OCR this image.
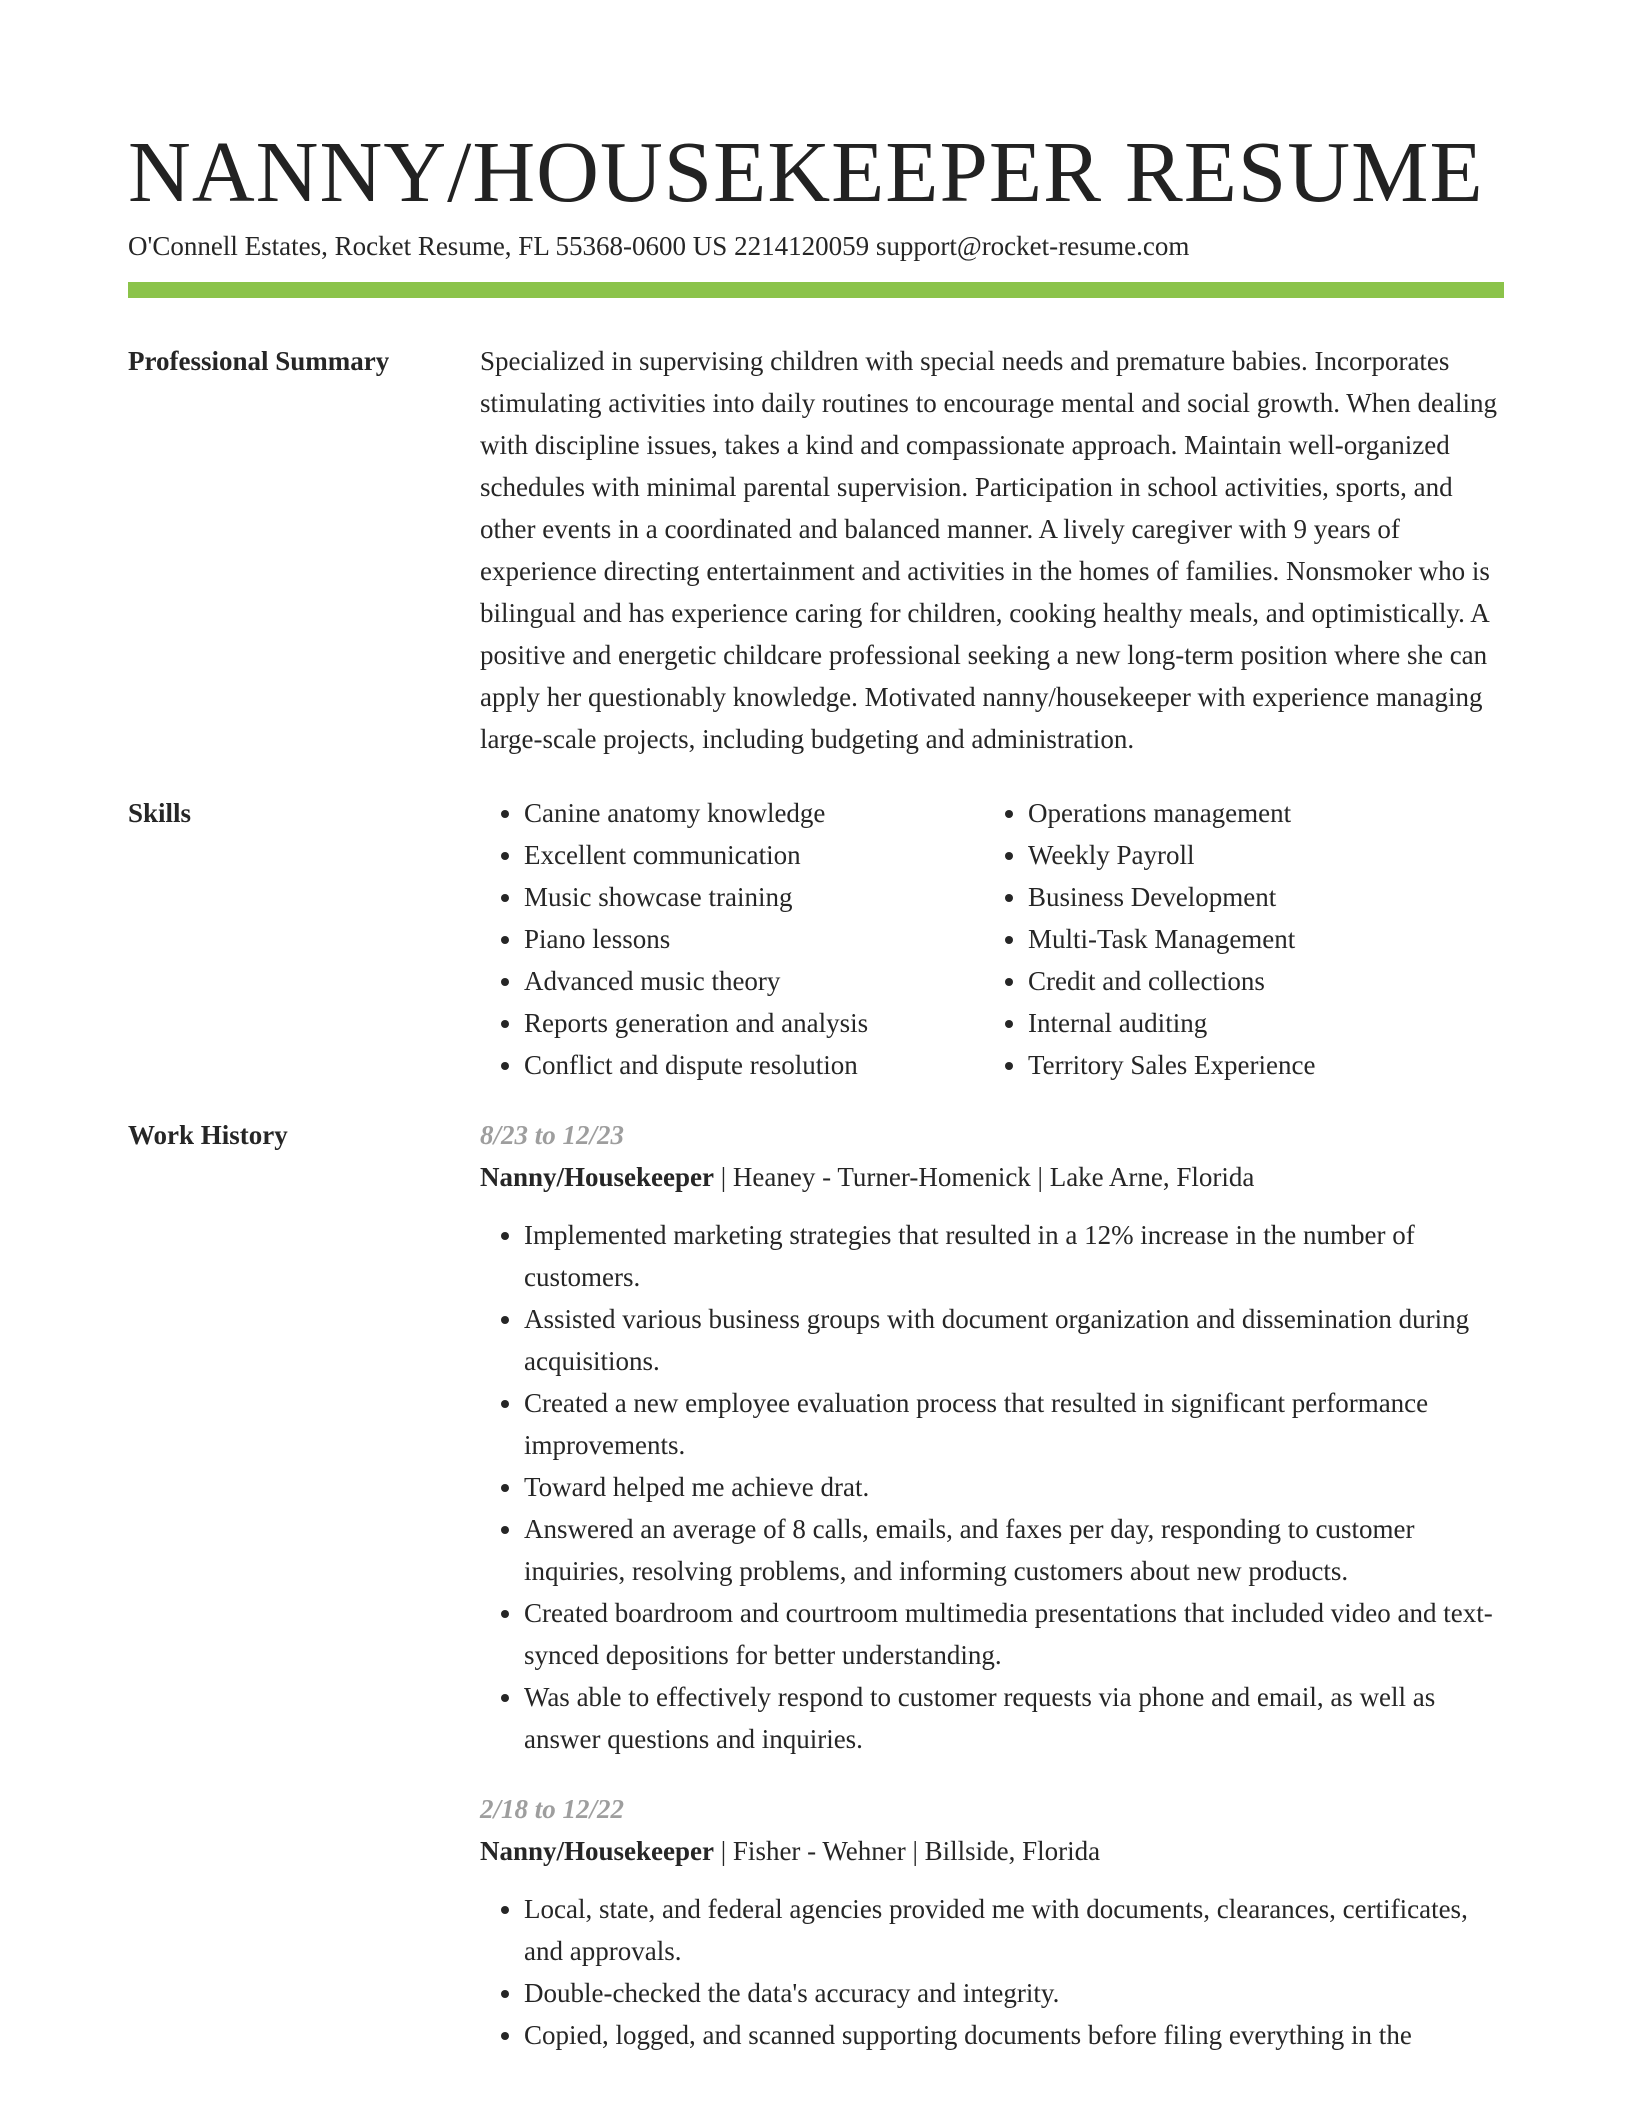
NANNY/HOUSEKEEPER RESUME
O'Connell Estates, Rocket Resume, FL 55368-0600 US 2214120059 support@rocket-resume.com
Professional Summary	Specialized in supervising children with special needs and premature babies. Incorporates stimulating activities into daily routines to encourage mental and social growth. When dealing with discipline issues, takes a kind and compassionate approach. Maintain well-organized schedules with minimal parental supervision. Participation in school activities, sports, and other events in a coordinated and balanced manner. A lively caregiver with 9 years of experience directing entertainment and activities in the homes of families. Nonsmoker who is bilingual and has experience caring for children, cooking healthy meals, and optimistically. A positive and energetic childcare professional seeking a new long-term position where she can apply her questionably knowledge. Motivated nanny/housekeeper with experience managing large-scale projects, including budgeting and administration.

Skills
•	Canine anatomy knowledge
• Excellent communication
• Music showcase training
• Piano lessons
• Advanced music theory
• Reports generation and analysis
• Conflict and dispute resolution
• Operations management
• Weekly Payroll
• Business Development
• Multi-Task Management
• Credit and collections
• Internal auditing
• Territory Sales Experience
Work History	8/23 to 12/23
Nanny/Housekeeper | Heaney - Turner-Homenick | Lake Arne, Florida
• Implemented marketing strategies that resulted in a 12% increase in the number of customers.
• Assisted various business groups with document organization and dissemination during acquisitions.
• Created a new employee evaluation process that resulted in significant performance improvements.
• Toward helped me achieve drat.
• Answered an average of 8 calls, emails, and faxes per day, responding to customer inquiries, resolving problems, and informing customers about new products.
• Created boardroom and courtroom multimedia presentations that included video and text-synced depositions for better understanding.
• Was able to effectively respond to customer requests via phone and email, as well as answer questions and inquiries.
2/18 to 12/22
Nanny/Housekeeper | Fisher - Wehner | Billside, Florida
• Local, state, and federal agencies provided me with documents, clearances, certificates, and approvals.
• Double-checked the data's accuracy and integrity.
• Copied, logged, and scanned supporting documents before filing everything in the
